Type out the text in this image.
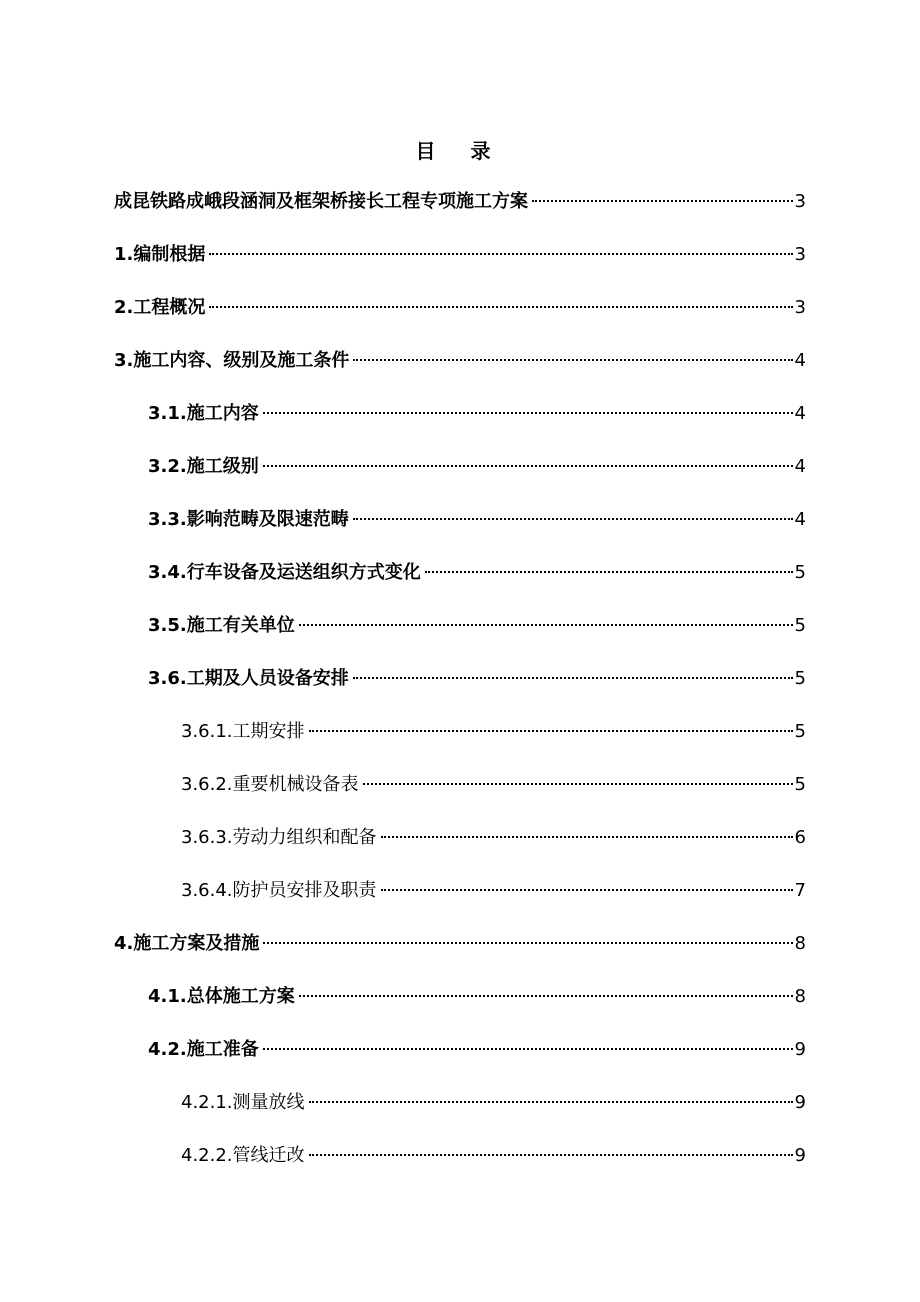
目 录
成昆铁路成峨段涵洞及框架桥接长工程专项施工方案	3
1.编制根据	3
2.工程概况	3
3.施工内容、级别及施工条件	4
3.1.施工内容	4
3.2.施工级别	4
3.3.影响范畴及限速范畴	4
3.4.行车设备及运送组织方式变化	5
3.5.施工有关单位	5
3.6.工期及人员设备安排	5
3.6.1.工期安排	5
3.6.2.重要机械设备表	5
3.6.3.劳动力组织和配备	6
3.6.4.防护员安排及职责	7
4.施工方案及措施	8
4.1.总体施工方案	8
4.2.施工准备	9
4.2.1.测量放线	9
4.2.2.管线迁改	9
